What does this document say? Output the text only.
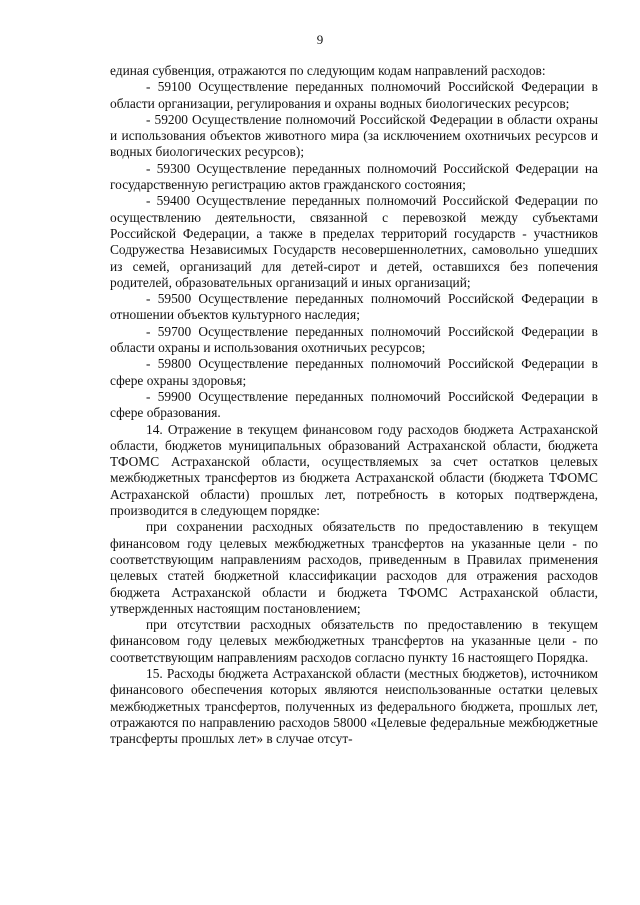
9

единая субвенция, отражаются по следующим кодам направлений расходов:

- 59100 Осуществление переданных полномочий Российской Федерации в области организации, регулирования и охраны водных биологических ресурсов;

- 59200 Осуществление полномочий Российской Федерации в области охраны и использования объектов животного мира (за исключением охотничьих ресурсов и водных биологических ресурсов);

- 59300 Осуществление переданных полномочий Российской Федерации на государственную регистрацию актов гражданского состояния;

- 59400 Осуществление переданных полномочий Российской Федерации по осуществлению деятельности, связанной с перевозкой между субъектами Российской Федерации, а также в пределах территорий государств - участников Содружества Независимых Государств несовершеннолетних, самовольно ушедших из семей, организаций для детей-сирот и детей, оставшихся без попечения родителей, образовательных организаций и иных организаций;

- 59500 Осуществление переданных полномочий Российской Федерации в отношении объектов культурного наследия;

- 59700 Осуществление переданных полномочий Российской Федерации в области охраны и использования охотничьих ресурсов;

- 59800 Осуществление переданных полномочий Российской Федерации в сфере охраны здоровья;

- 59900 Осуществление переданных полномочий Российской Федерации в сфере образования.

14. Отражение в текущем финансовом году расходов бюджета Астраханской области, бюджетов муниципальных образований Астраханской области, бюджета ТФОМС Астраханской области, осуществляемых за счет остатков целевых межбюджетных трансфертов из бюджета Астраханской области (бюджета ТФОМС Астраханской области) прошлых лет, потребность в которых подтверждена, производится в следующем порядке:

при сохранении расходных обязательств по предоставлению в текущем финансовом году целевых межбюджетных трансфертов на указанные цели - по соответствующим направлениям расходов, приведенным в Правилах применения целевых статей бюджетной классификации расходов для отражения расходов бюджета Астраханской области и бюджета ТФОМС Астраханской области, утвержденных настоящим постановлением;

при отсутствии расходных обязательств по предоставлению в текущем финансовом году целевых межбюджетных трансфертов на указанные цели - по соответствующим направлениям расходов согласно пункту 16 настоящего Порядка.

15. Расходы бюджета Астраханской области (местных бюджетов), источником финансового обеспечения которых являются неиспользованные остатки целевых межбюджетных трансфертов, полученных из федерального бюджета, прошлых лет, отражаются по направлению расходов 58000 «Целевые федеральные межбюджетные трансферты прошлых лет» в случае отсут-
